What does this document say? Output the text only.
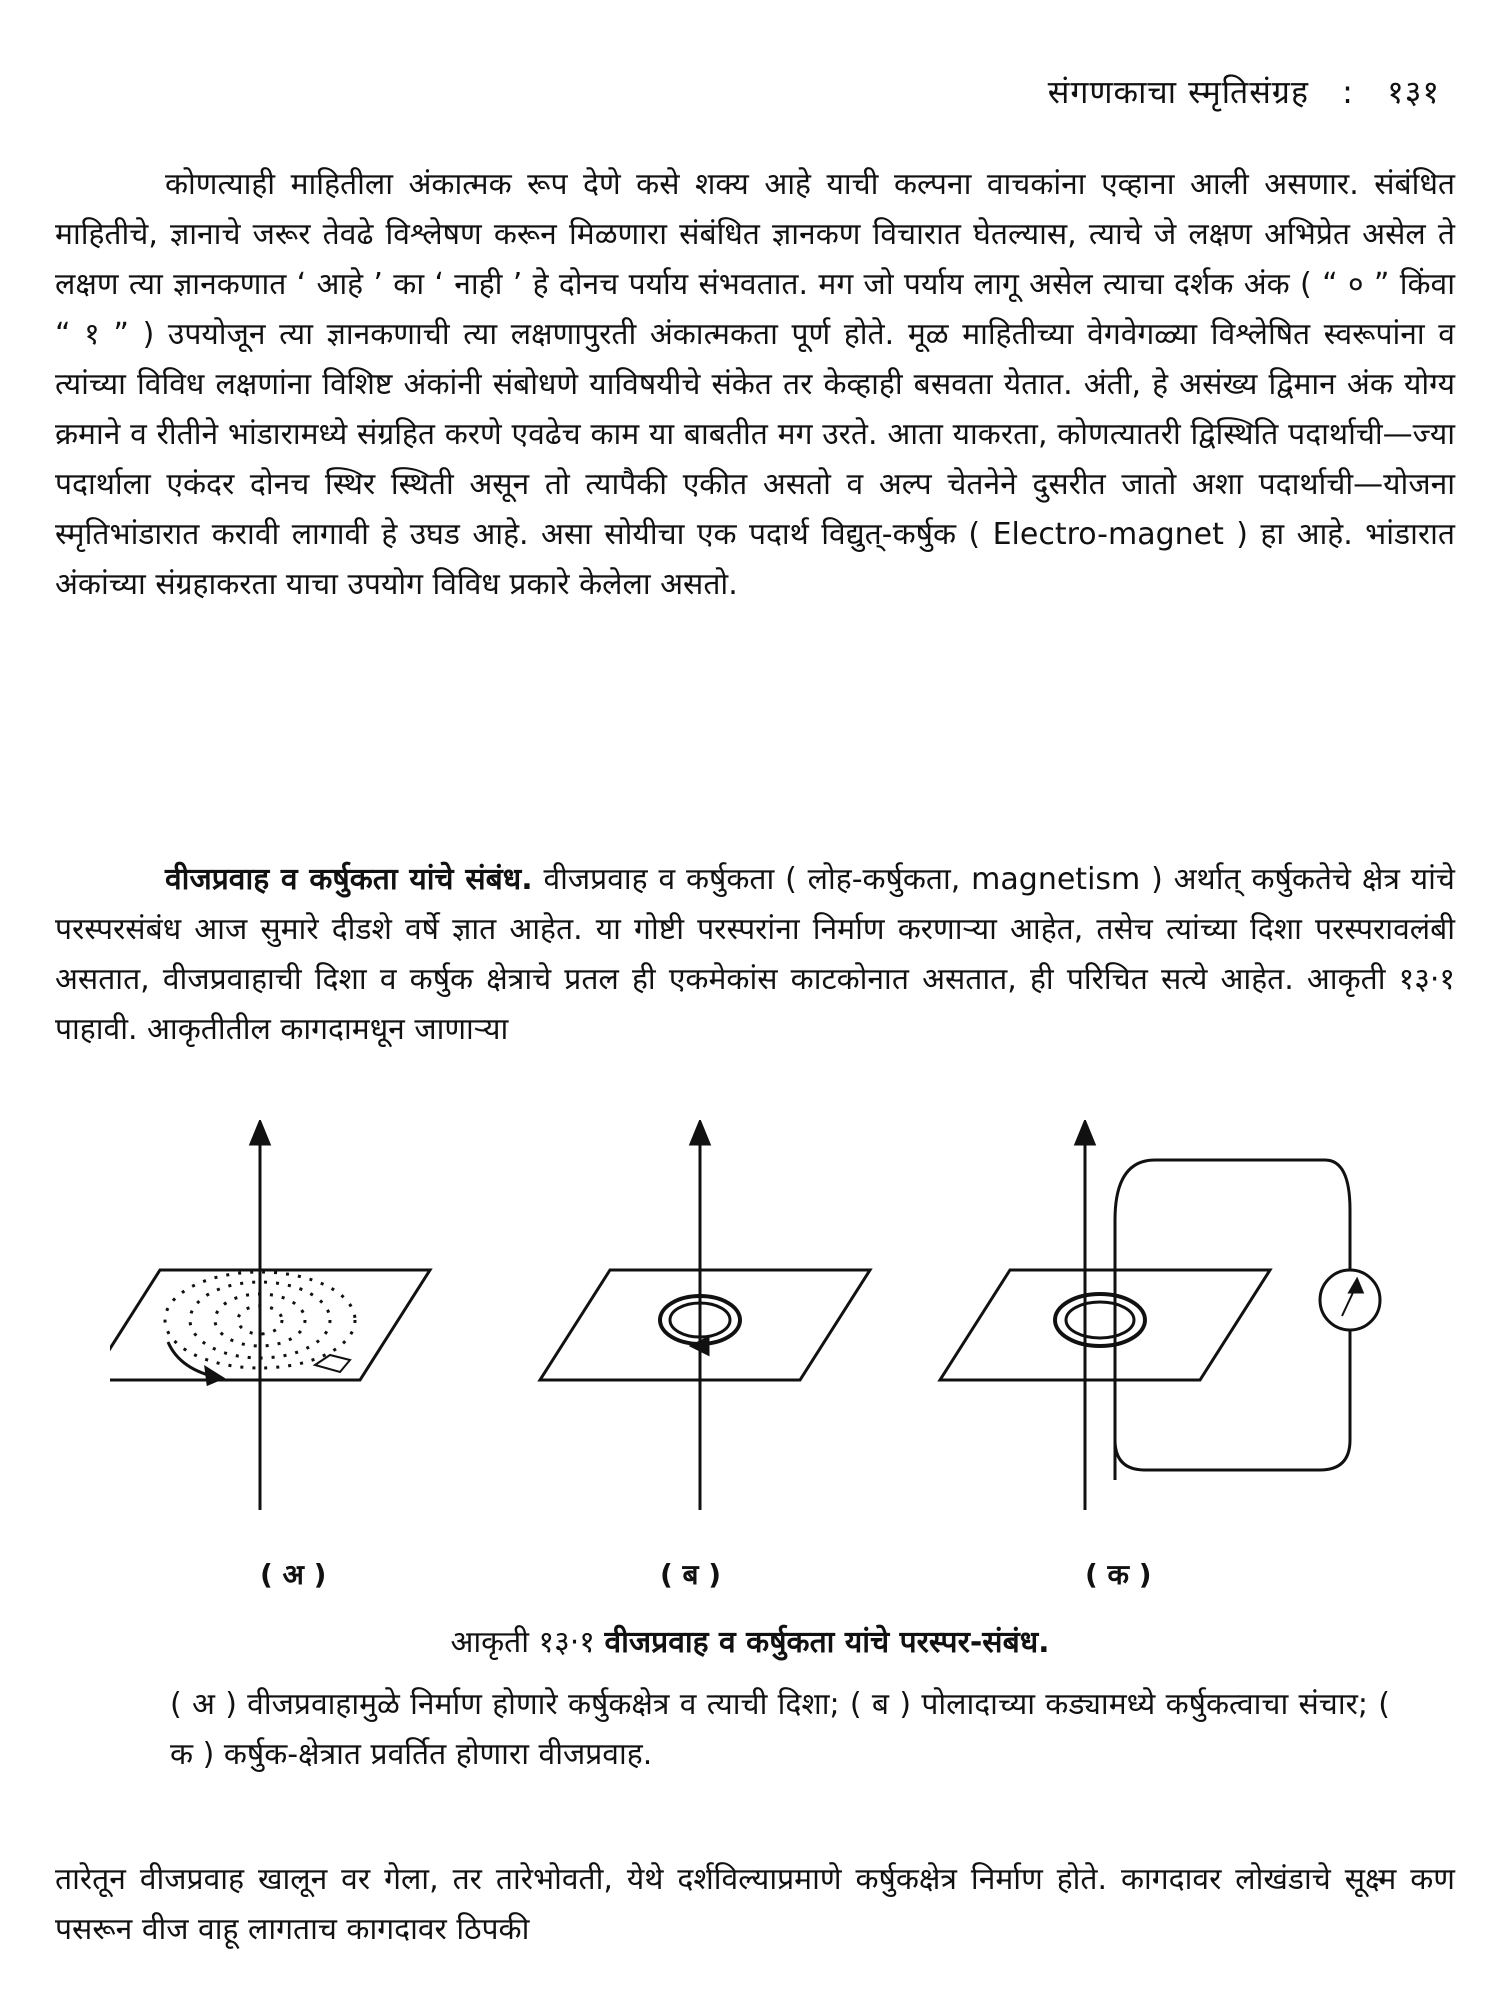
संगणकाचा स्मृतिसंग्रह : १३१
कोणत्याही माहितीला अंकात्मक रूप देणे कसे शक्य आहे याची कल्पना वाचकांना एव्हाना आली असणार. संबंधित माहितीचे, ज्ञानाचे जरूर तेवढे विश्लेषण करून मिळणारा संबंधित ज्ञानकण विचारात घेतल्यास, त्याचे जे लक्षण अभिप्रेत असेल ते लक्षण त्या ज्ञानकणात ‘ आहे ’ का ‘ नाही ’ हे दोनच पर्याय संभवतात. मग जो पर्याय लागू असेल त्याचा दर्शक अंक ( “ ० ” किंवा “ १ ” ) उपयोजून त्या ज्ञानकणाची त्या लक्षणापुरती अंकात्मकता पूर्ण होते. मूळ माहितीच्या वेगवेगळ्या विश्लेषित स्वरूपांना व त्यांच्या विविध लक्षणांना विशिष्ट अंकांनी संबोधणे याविषयीचे संकेत तर केव्हाही बसवता येतात. अंती, हे असंख्य द्विमान अंक योग्य क्रमाने व रीतीने भांडारामध्ये संग्रहित करणे एवढेच काम या बाबतीत मग उरते. आता याकरता, कोणत्यातरी द्विस्थिति पदार्थाची—ज्या पदार्थाला एकंदर दोनच स्थिर स्थिती असून तो त्यापैकी एकीत असतो व अल्प चेतनेने दुसरीत जातो अशा पदार्थाची—योजना स्मृतिभांडारात करावी लागावी हे उघड आहे. असा सोयीचा एक पदार्थ विद्युत्-कर्षुक ( Electro-magnet ) हा आहे. भांडारात अंकांच्या संग्रहाकरता याचा उपयोग विविध प्रकारे केलेला असतो.
वीजप्रवाह व कर्षुकता यांचे संबंध. वीजप्रवाह व कर्षुकता ( लोह-कर्षुकता, magnetism ) अर्थात् कर्षुकतेचे क्षेत्र यांचे परस्परसंबंध आज सुमारे दीडशे वर्षे ज्ञात आहेत. या गोष्टी परस्परांना निर्माण करणाऱ्या आहेत, तसेच त्यांच्या दिशा परस्परावलंबी असतात, वीजप्रवाहाची दिशा व कर्षुक क्षेत्राचे प्रतल ही एकमेकांस काटकोनात असतात, ही परिचित सत्ये आहेत. आकृती १३·१ पाहावी. आकृतीतील कागदामधून जाणाऱ्या
( अ )	( ब )	( क )
आकृती १३·१ वीजप्रवाह व कर्षुकता यांचे परस्पर-संबंध.
( अ ) वीजप्रवाहामुळे निर्माण होणारे कर्षुकक्षेत्र व त्याची दिशा; ( ब ) पोलादाच्या कड्यामध्ये कर्षुकत्वाचा संचार; ( क ) कर्षुक-क्षेत्रात प्रवर्तित होणारा वीजप्रवाह.
तारेतून वीजप्रवाह खालून वर गेला, तर तारेभोवती, येथे दर्शविल्याप्रमाणे कर्षुकक्षेत्र निर्माण होते. कागदावर लोखंडाचे सूक्ष्म कण पसरून वीज वाहू लागताच कागदावर ठिपकी
